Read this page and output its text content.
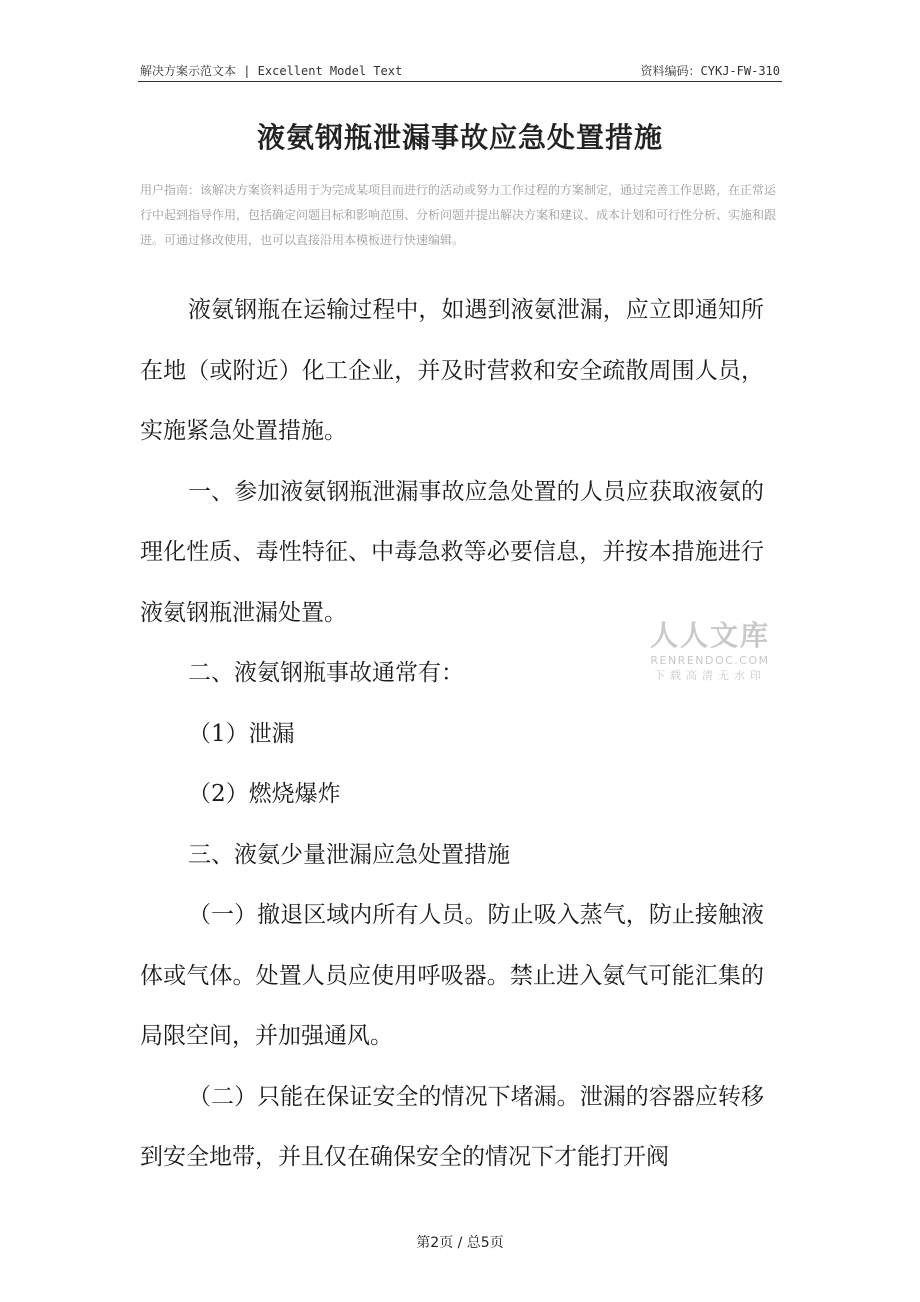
解决方案示范文本 | Excellent Model Text	资料编码：CYKJ-FW-310
液氨钢瓶泄漏事故应急处置措施
用户指南：该解决方案资料适用于为完成某项目而进行的活动或努力工作过程的方案制定，通过完善工作思路，在正常运行中起到指导作用，包括确定问题目标和影响范围、分析问题并提出解决方案和建议、成本计划和可行性分析、实施和跟进。可通过修改使用，也可以直接沿用本模板进行快速编辑。

液氨钢瓶在运输过程中，如遇到液氨泄漏，应立即通知所在地（或附近）化工企业，并及时营救和安全疏散周围人员，实施紧急处置措施。

一、参加液氨钢瓶泄漏事故应急处置的人员应获取液氨的理化性质、毒性特征、中毒急救等必要信息，并按本措施进行液氨钢瓶泄漏处置。

二、液氨钢瓶事故通常有：

（1）泄漏

（2）燃烧爆炸

三、液氨少量泄漏应急处置措施

（一）撤退区域内所有人员。防止吸入蒸气，防止接触液体或气体。处置人员应使用呼吸器。禁止进入氨气可能汇集的局限空间，并加强通风。

（二）只能在保证安全的情况下堵漏。泄漏的容器应转移到安全地带，并且仅在确保安全的情况下才能打开阀

人人文库
RENRENDOC.COM
下载高清无水印
第2页 / 总5页
